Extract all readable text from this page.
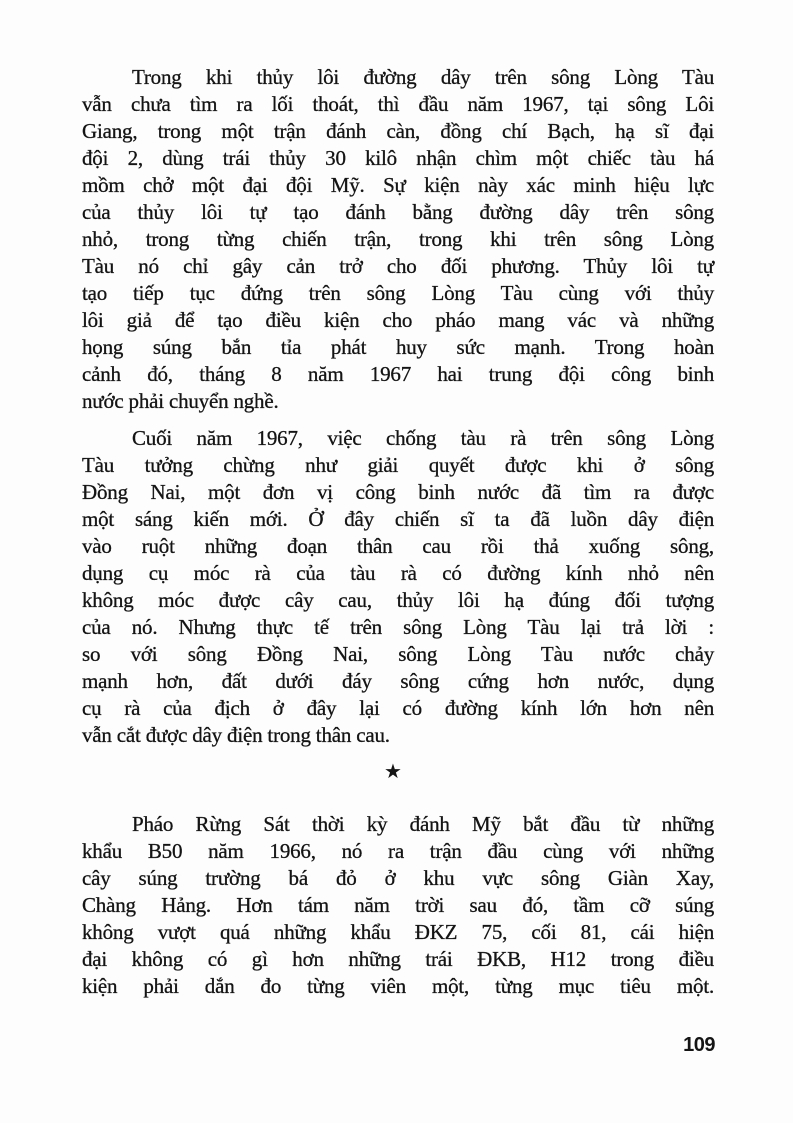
Trong khi thủy lôi đường dây trên sông Lòng Tàu
vẫn chưa tìm ra lối thoát, thì đầu năm 1967, tại sông Lôi
Giang, trong một trận đánh càn, đồng chí Bạch, hạ sĩ đại
đội 2, dùng trái thủy 30 kilô nhận chìm một chiếc tàu há
mồm chở một đại đội Mỹ. Sự kiện này xác minh hiệu lực
của thủy lôi tự tạo đánh bằng đường dây trên sông
nhỏ, trong từng chiến trận, trong khi trên sông Lòng
Tàu nó chỉ gây cản trở cho đối phương. Thủy lôi tự
tạo tiếp tục đứng trên sông Lòng Tàu cùng với thủy
lôi giả để tạo điều kiện cho pháo mang vác và những
họng súng bắn tỉa phát huy sức mạnh. Trong hoàn
cảnh đó, tháng 8 năm 1967 hai trung đội công binh
nước phải chuyển nghề.
★
Cuối năm 1967, việc chống tàu rà trên sông Lòng
Tàu tưởng chừng như giải quyết được khi ở sông
Đồng Nai, một đơn vị công binh nước đã tìm ra được
một sáng kiến mới. Ở đây chiến sĩ ta đã luồn dây điện
vào ruột những đoạn thân cau rồi thả xuống sông,
dụng cụ móc rà của tàu rà có đường kính nhỏ nên
không móc được cây cau, thủy lôi hạ đúng đối tượng
của nó. Nhưng thực tế trên sông Lòng Tàu lại trả lời :
so với sông Đồng Nai, sông Lòng Tàu nước chảy
mạnh hơn, đất dưới đáy sông cứng hơn nước, dụng
cụ rà của địch ở đây lại có đường kính lớn hơn nên
vẫn cắt được dây điện trong thân cau.
Pháo Rừng Sát thời kỳ đánh Mỹ bắt đầu từ những
khẩu B50 năm 1966, nó ra trận đầu cùng với những
cây súng trường bá đỏ ở khu vực sông Giàn Xay,
Chàng Hảng. Hơn tám năm trời sau đó, tầm cỡ súng
không vượt quá những khẩu ĐKZ 75, cối 81, cái hiện
đại không có gì hơn những trái ĐKB, H12 trong điều
kiện phải dắn đo từng viên một, từng mục tiêu một.
109
